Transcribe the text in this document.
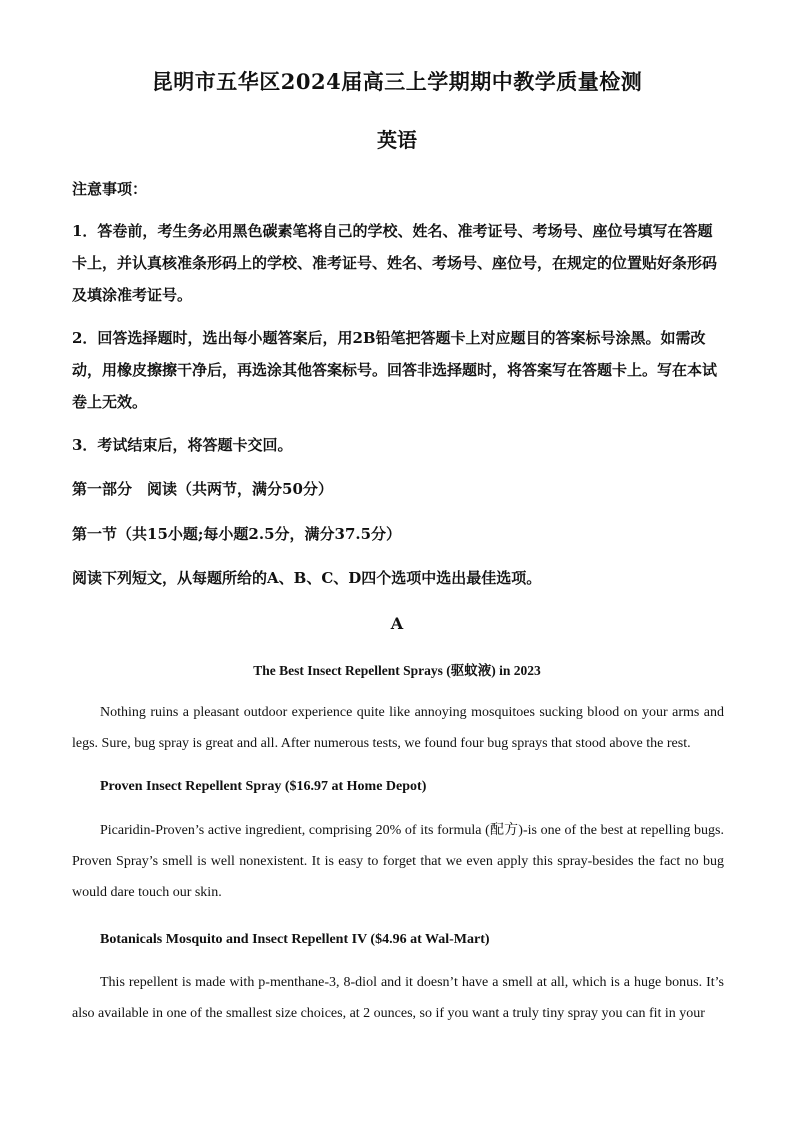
昆明市五华区2024届高三上学期期中教学质量检测
英语

注意事项：

1．答卷前，考生务必用黑色碳素笔将自己的学校、姓名、准考证号、考场号、座位号填写在答题卡上，并认真核准条形码上的学校、准考证号、姓名、考场号、座位号，在规定的位置贴好条形码及填涂准考证号。

2．回答选择题时，选出每小题答案后，用2B铅笔把答题卡上对应题目的答案标号涂黑。如需改动，用橡皮擦擦干净后，再选涂其他答案标号。回答非选择题时，将答案写在答题卡上。写在本试卷上无效。

3．考试结束后，将答题卡交回。

第一部分　阅读（共两节，满分50分）

第一节（共15小题;每小题2.5分，满分37.5分）

阅读下列短文，从每题所给的A、B、C、D四个选项中选出最佳选项。

A
The Best Insect Repellent Sprays (驱蚊液) in 2023

Nothing ruins a pleasant outdoor experience quite like annoying mosquitoes sucking blood on your arms and legs. Sure, bug spray is great and all. After numerous tests, we found four bug sprays that stood above the rest.

Proven Insect Repellent Spray ($16.97 at Home Depot)

Picaridin-Proven’s active ingredient, comprising 20% of its formula (配方)-is one of the best at repelling bugs. Proven Spray’s smell is well nonexistent. It is easy to forget that we even apply this spray-besides the fact no bug would dare touch our skin.

Botanicals Mosquito and Insect Repellent IV ($4.96 at Wal-Mart)

This repellent is made with p-menthane-3, 8-diol and it doesn’t have a smell at all, which is a huge bonus. It’s also available in one of the smallest size choices, at 2 ounces, so if you want a truly tiny spray you can fit in your
